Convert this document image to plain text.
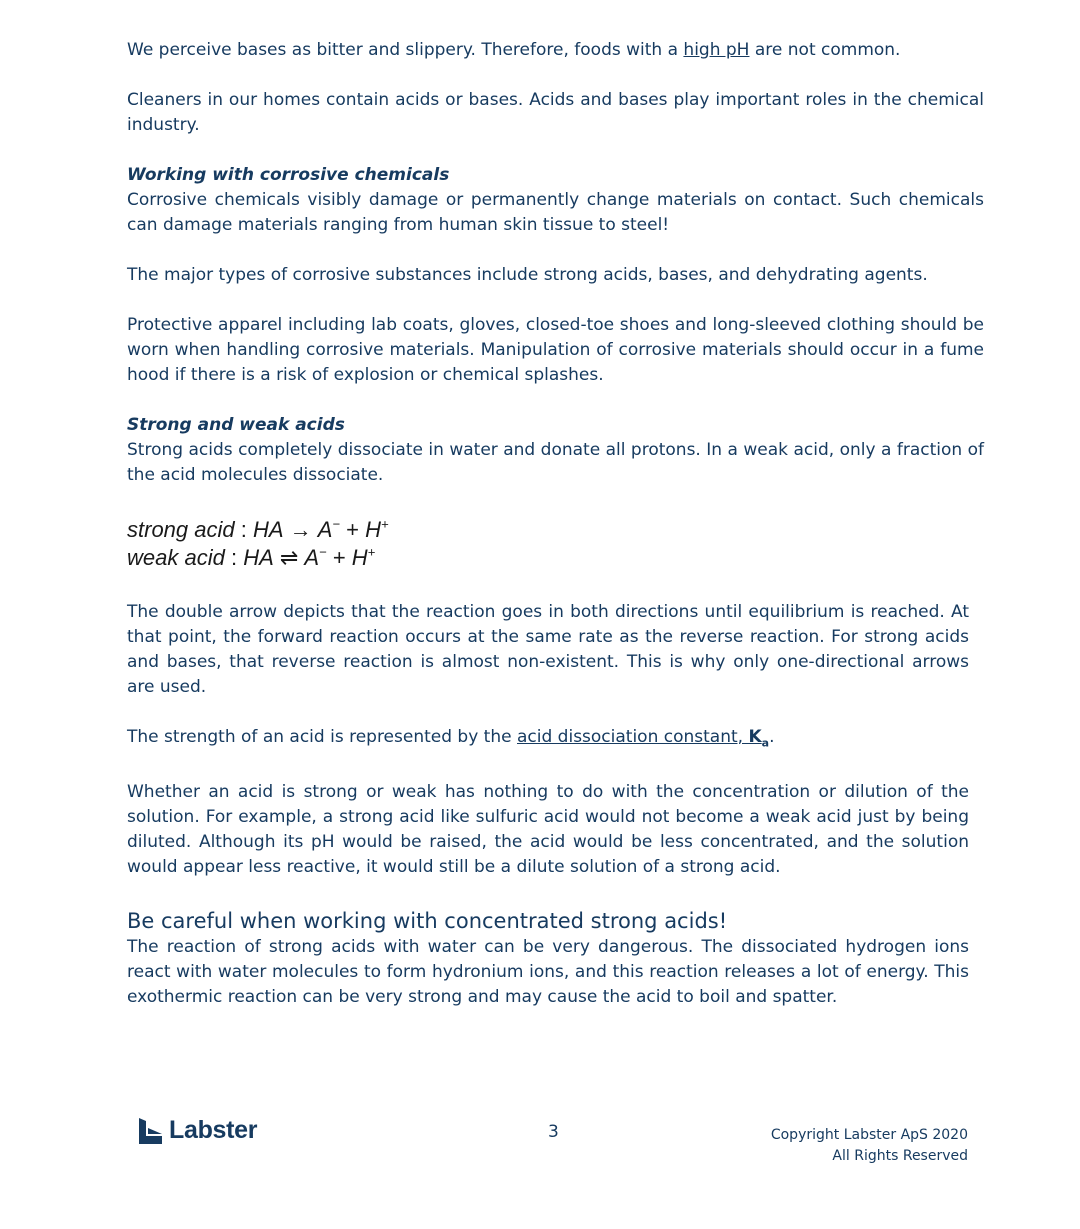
We perceive bases as bitter and slippery. Therefore, foods with a high pH are not common.

Cleaners in our homes contain acids or bases. Acids and bases play important roles in the chemical industry.

Working with corrosive chemicals

Corrosive chemicals visibly damage or permanently change materials on contact. Such chemicals can damage materials ranging from human skin tissue to steel!

The major types of corrosive substances include strong acids, bases, and dehydrating agents.

Protective apparel including lab coats, gloves, closed-toe shoes and long-sleeved clothing should be worn when handling corrosive materials. Manipulation of corrosive materials should occur in a fume hood if there is a risk of explosion or chemical splashes.

Strong and weak acids

Strong acids completely dissociate in water and donate all protons. In a weak acid, only a fraction of the acid molecules dissociate.

strong acid : HA → A− + H+
weak acid : HA ⇌ A− + H+

The double arrow depicts that the reaction goes in both directions until equilibrium is reached. At that point, the forward reaction occurs at the same rate as the reverse reaction. For strong acids and bases, that reverse reaction is almost non-existent. This is why only one-directional arrows are used.

The strength of an acid is represented by the acid dissociation constant, $K_a$.

Whether an acid is strong or weak has nothing to do with the concentration or dilution of the solution. For example, a strong acid like sulfuric acid would not become a weak acid just by being diluted. Although its pH would be raised, the acid would be less concentrated, and the solution would appear less reactive, it would still be a dilute solution of a strong acid.

Be careful when working with concentrated strong acids!

The reaction of strong acids with water can be very dangerous. The dissociated hydrogen ions react with water molecules to form hydronium ions, and this reaction releases a lot of energy. This exothermic reaction can be very strong and may cause the acid to boil and spatter.

Labster	3	Copyright Labster ApS 2020
All Rights Reserved
